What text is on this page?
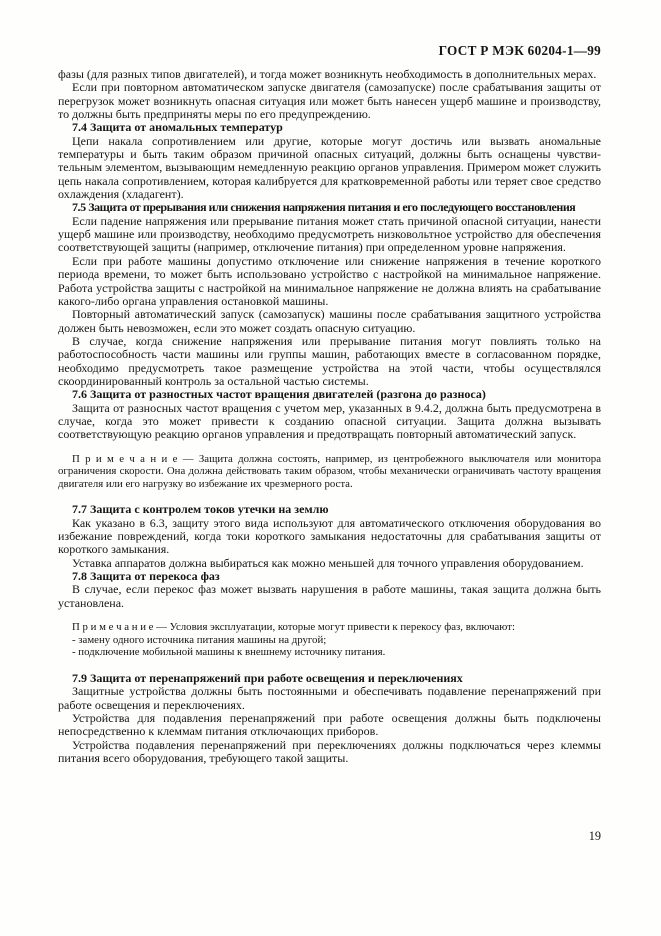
ГОСТ Р МЭК 60204-1—99

фазы (для разных типов двигателей), и тогда может возникнуть необходимость в дополнительных мерах.

Если при повторном автоматическом запуске двигателя (самозапуске) после срабатывания защиты от перегрузок может возникнуть опасная ситуация или может быть нанесен ущерб машине и производству, то должны быть предприняты меры по его предупреждению.

7.4 Защита от аномальных температур

Цепи накала сопротивлением или другие, которые могут достичь или вызвать аномальные температуры и быть таким образом причиной опасных ситуаций, должны быть оснащены чувствительным элементом, вызывающим немедленную реакцию органов управления. Примером может служить цепь накала сопротивлением, которая калибруется для кратковременной работы или теряет свое средство охлаждения (хладагент).

7.5 Защита от прерывания или снижения напряжения питания и его последующего восстановления

Если падение напряжения или прерывание питания может стать причиной опасной ситуации, нанести ущерб машине или производству, необходимо предусмотреть низковольтное устройство для обеспечения соответствующей защиты (например, отключение питания) при определенном уровне напряжения.

Если при работе машины допустимо отключение или снижение напряжения в течение короткого периода времени, то может быть использовано устройство с настройкой на минимальное напряжение. Работа устройства защиты с настройкой на минимальное напряжение не должна влиять на срабатывание какого-либо органа управления остановкой машины.

Повторный автоматический запуск (самозапуск) машины после срабатывания защитного устройства должен быть невозможен, если это может создать опасную ситуацию.

В случае, когда снижение напряжения или прерывание питания могут повлиять только на работоспособность части машины или группы машин, работающих вместе в согласованном порядке, необходимо предусмотреть такое размещение устройства на этой части, чтобы осуществлялся скоординированный контроль за остальной частью системы.

7.6 Защита от разностных частот вращения двигателей (разгона до разноса)

Защита от разносных частот вращения с учетом мер, указанных в 9.4.2, должна быть предусмотрена в случае, когда это может привести к созданию опасной ситуации. Защита должна вызывать соответствующую реакцию органов управления и предотвращать повторный автоматический запуск.

П р и м е ч а н и е — Защита должна состоять, например, из центробежного выключателя или монитора ограничения скорости. Она должна действовать таким образом, чтобы механически ограничивать частоту вращения двигателя или его нагрузку во избежание их чрезмерного роста.

7.7 Защита с контролем токов утечки на землю

Как указано в 6.3, защиту этого вида используют для автоматического отключения оборудования во избежание повреждений, когда токи короткого замыкания недостаточны для срабатывания защиты от короткого замыкания.

Уставка аппаратов должна выбираться как можно меньшей для точного управления оборудованием.

7.8 Защита от перекоса фаз

В случае, если перекос фаз может вызвать нарушения в работе машины, такая защита должна быть установлена.

П р и м е ч а н и е — Условия эксплуатации, которые могут привести к перекосу фаз, включают:

- замену одного источника питания машины на другой;

- подключение мобильной машины к внешнему источнику питания.

7.9 Защита от перенапряжений при работе освещения и переключениях

Защитные устройства должны быть постоянными и обеспечивать подавление перенапряжений при работе освещения и переключениях.

Устройства для подавления перенапряжений при работе освещения должны быть подключены непосредственно к клеммам питания отключающих приборов.

Устройства подавления перенапряжений при переключениях должны подключаться через клеммы питания всего оборудования, требующего такой защиты.

19
